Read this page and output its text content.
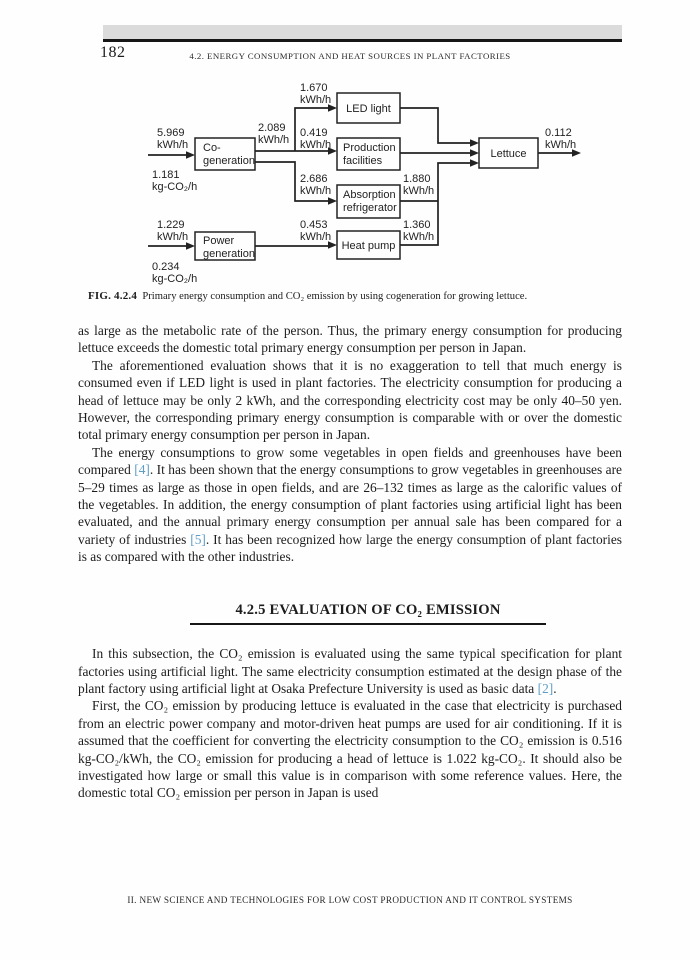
182	4.2. ENERGY CONSUMPTION AND HEAT SOURCES IN PLANT FACTORIES
Co-
generation
Power
generation
LED light
Production
facilities
Absorption
refrigerator
Heat pump
Lettuce
5.969
kWh/h
1.181
kg-CO₂/h
2.089
kWh/h
1.670
kWh/h
0.419
kWh/h
2.686
kWh/h
1.880
kWh/h
0.453
kWh/h
1.360
kWh/h
1.229
kWh/h
0.234
kg-CO₂/h
0.112
kWh/h
FIG. 4.2.4 Primary energy consumption and CO₂ emission by using cogeneration for growing lettuce.

as large as the metabolic rate of the person. Thus, the primary energy consumption for producing lettuce exceeds the domestic total primary energy consumption per person in Japan.

The aforementioned evaluation shows that it is no exaggeration to tell that much energy is consumed even if LED light is used in plant factories. The electricity consumption for producing a head of lettuce may be only 2 kWh, and the corresponding electricity cost may be only 40–50 yen. However, the corresponding primary energy consumption is comparable with or over the domestic total primary energy consumption per person in Japan.

The energy consumptions to grow some vegetables in open fields and greenhouses have been compared [4]. It has been shown that the energy consumptions to grow vegetables in greenhouses are 5–29 times as large as those in open fields, and are 26–132 times as large as the calorific values of the vegetables. In addition, the energy consumption of plant factories using artificial light has been evaluated, and the annual primary energy consumption per annual sale has been compared for a variety of industries [5]. It has been recognized how large the energy consumption of plant factories is as compared with the other industries.

4.2.5 EVALUATION OF CO₂ EMISSION

In this subsection, the CO₂ emission is evaluated using the same typical specification for plant factories using artificial light. The same electricity consumption estimated at the design phase of the plant factory using artificial light at Osaka Prefecture University is used as basic data [2].

First, the CO₂ emission by producing lettuce is evaluated in the case that electricity is purchased from an electric power company and motor-driven heat pumps are used for air conditioning. If it is assumed that the coefficient for converting the electricity consumption to the CO₂ emission is 0.516 kg-CO₂/kWh, the CO₂ emission for producing a head of lettuce is 1.022 kg-CO₂. It should also be investigated how large or small this value is in comparison with some reference values. Here, the domestic total CO₂ emission per person in Japan is used

II. NEW SCIENCE AND TECHNOLOGIES FOR LOW COST PRODUCTION AND IT CONTROL SYSTEMS
